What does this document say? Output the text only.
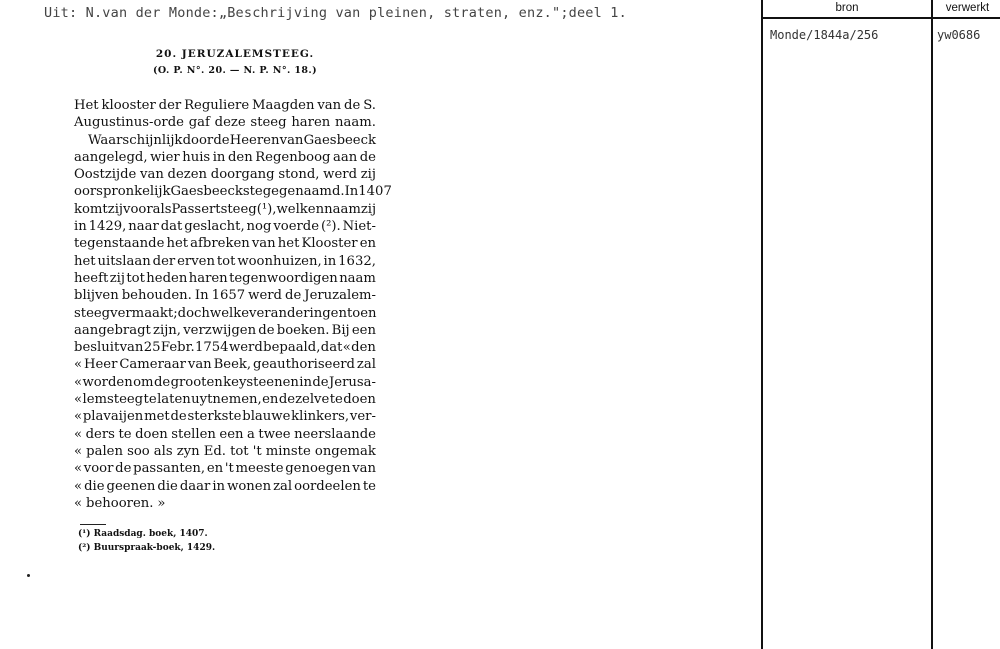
Uit: N.van der Monde:„Beschrijving van pleinen, straten, enz.";deel 1.
20. JERUZALEMSTEEG.
(O. P. N°. 20. — N. P. N°. 18.)
Het klooster der Reguliere Maagden van de S.
Augustinus-orde gaf deze steeg haren naam.
Waarschijnlijk door de Heeren van Gaesbeeck
aangelegd, wier huis in den Regenboog aan de
Oostzijde van dezen doorgang stond, werd zij
oorspronkelijk Gaesbeeckstege genaamd. In 1407
komt zij voor als Passertsteeg (¹), welken naam zij
in 1429, naar dat geslacht, nog voerde (²). Niet-
tegenstaande het afbreken van het Klooster en
het uitslaan der erven tot woonhuizen, in 1632,
heeft zij tot heden haren tegenwoordigen naam
blijven behouden. In 1657 werd de Jeruzalem-
steeg vermaakt; doch welke veranderingen toen
aangebragt zijn, verzwijgen de boeken. Bij een
besluit van 25 Febr. 1754 werd bepaald, dat « den
« Heer Cameraar van Beek, geauthoriseerd zal
« worden om de grooten keysteenen in de Jerusa-
« lemsteeg te laten uytnemen, en dezelve te doen
« plavaijen met de sterkste blauwe klinkers, ver-
« ders te doen stellen een a twee neerslaande
« palen soo als zyn Ed. tot 't minste ongemak
« voor de passanten, en 't meeste genoegen van
« die geenen die daar in wonen zal oordeelen te
« behooren. »
(¹) Raadsdag. boek, 1407.
(²) Buurspraak-boek, 1429.
bron	verwerkt
Monde/1844a/256	yw0686
